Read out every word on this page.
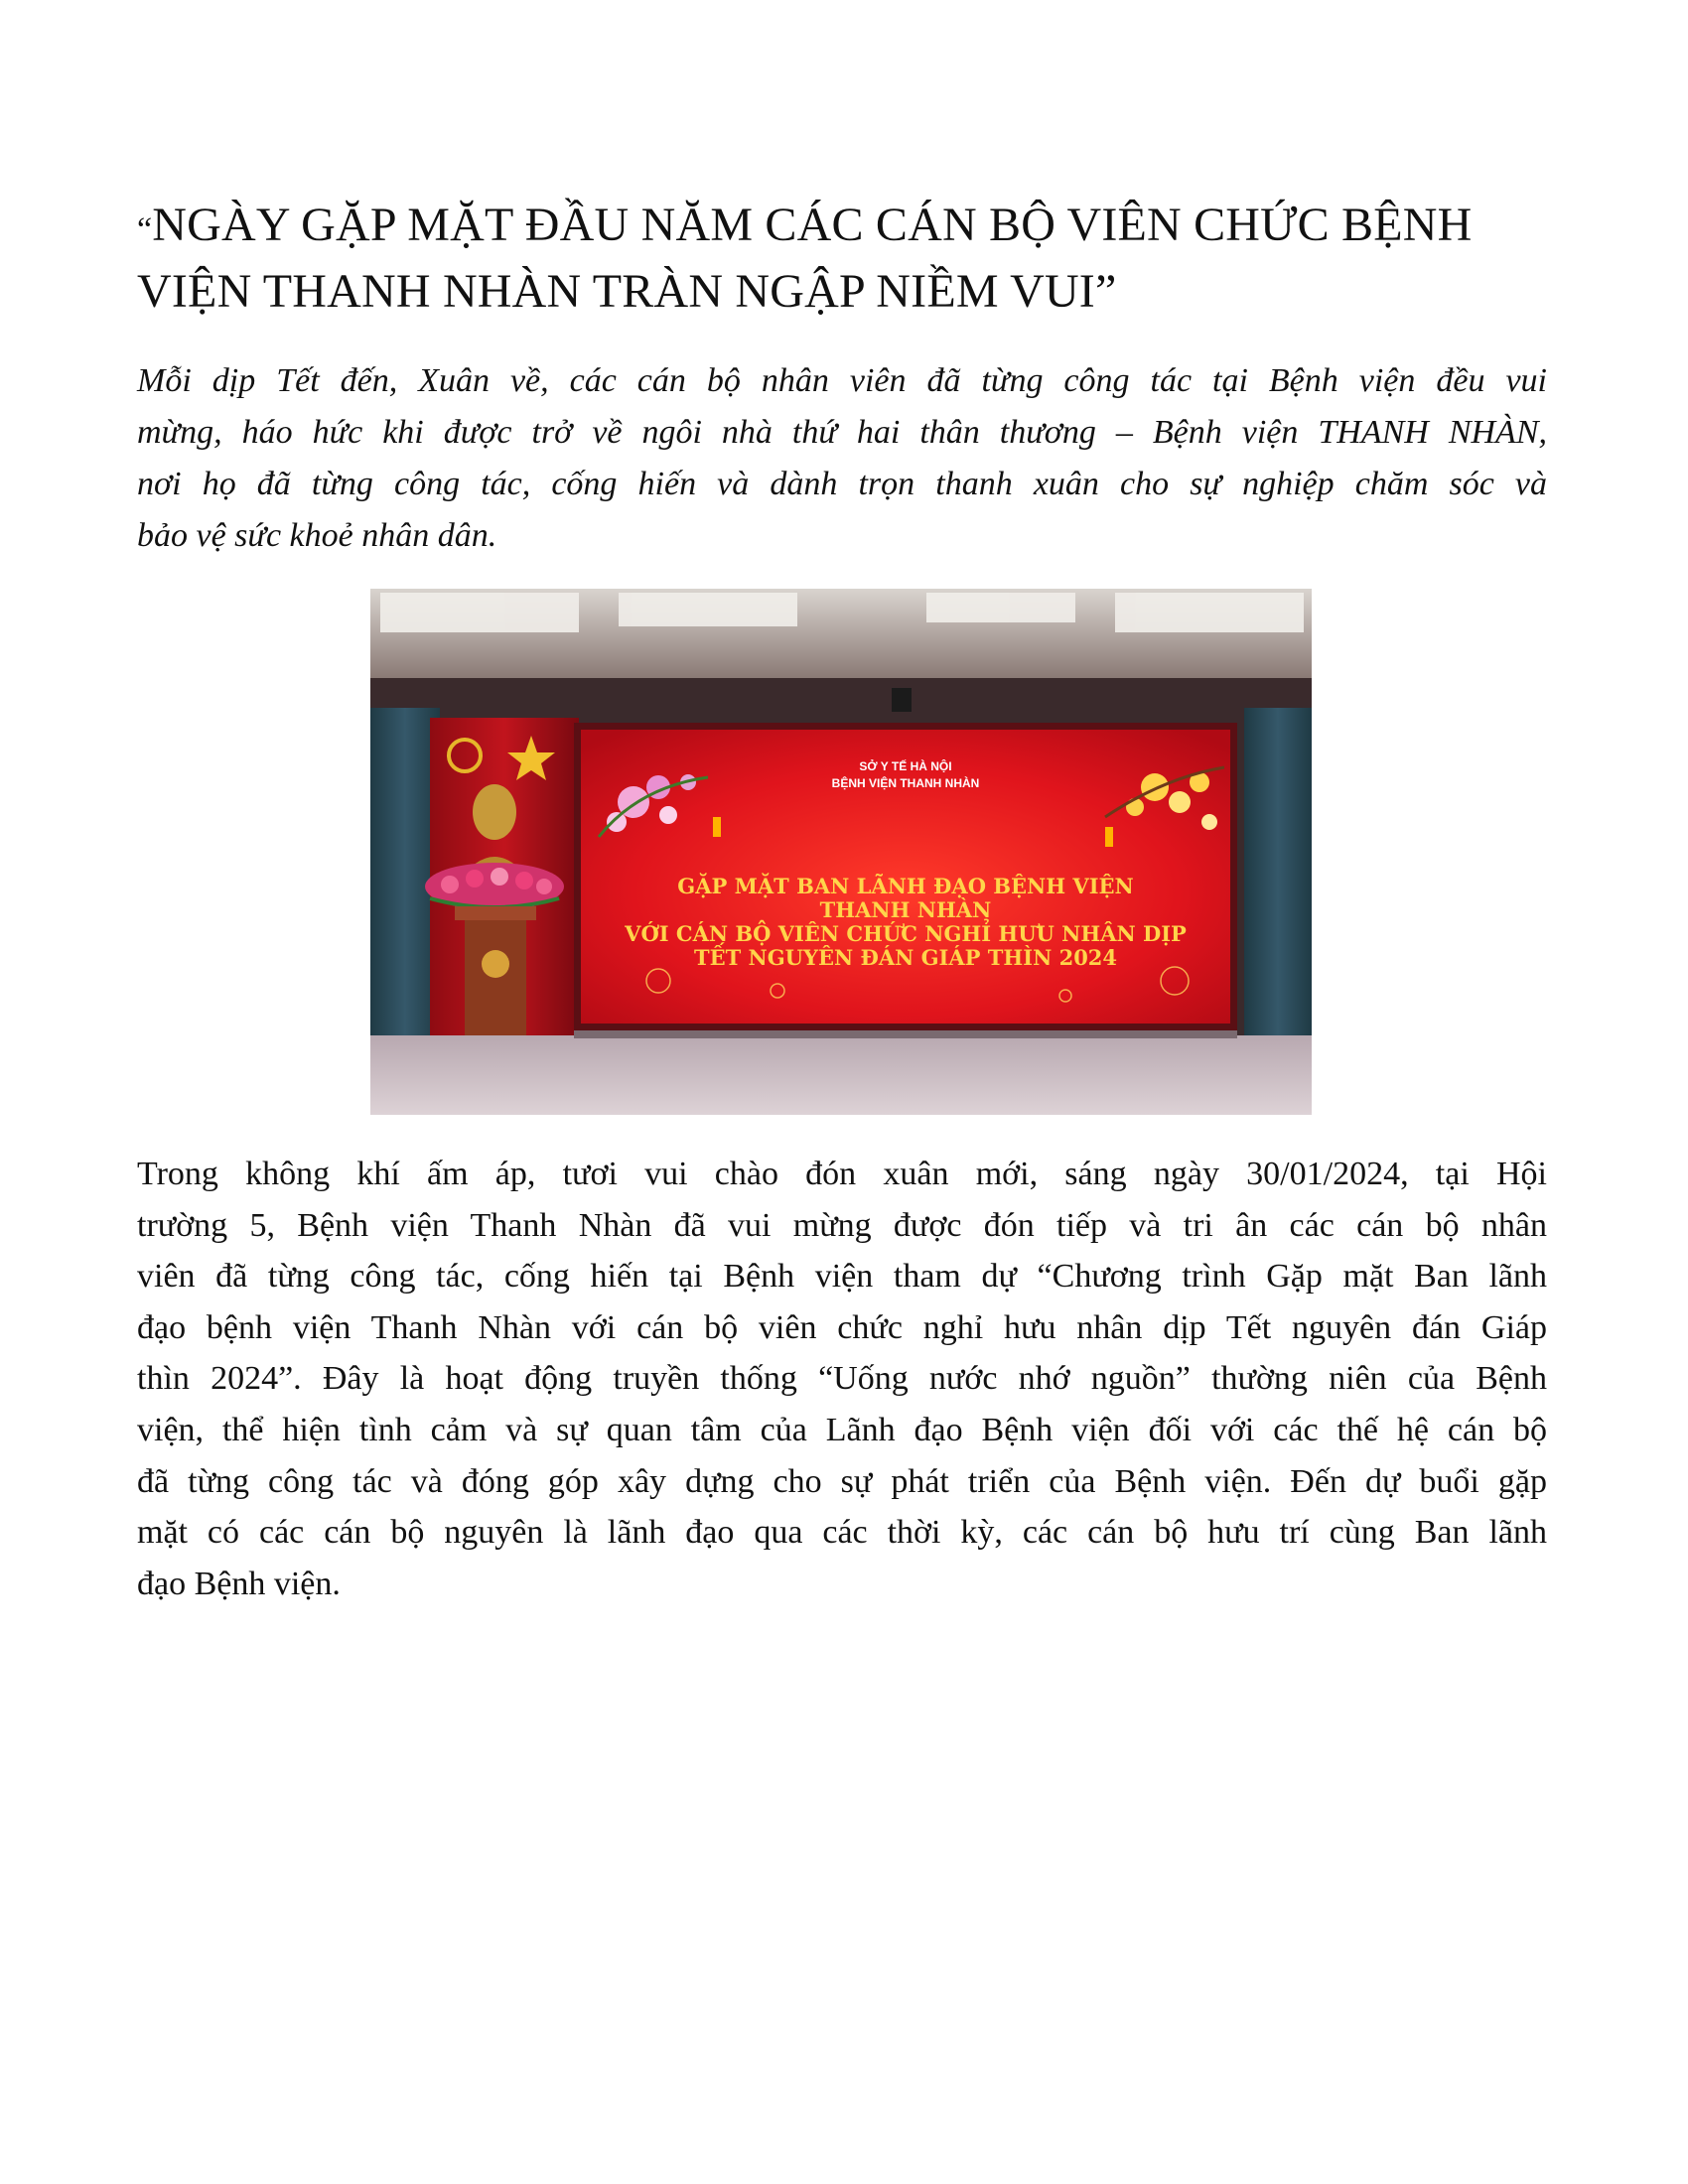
“NGÀY GẶP MẶT ĐẦU NĂM CÁC CÁN BỘ VIÊN CHỨC BỆNH
VIỆN THANH NHÀN TRÀN NGẬP NIỀM VUI”

Mỗi dịp Tết đến, Xuân về, các cán bộ nhân viên đã từng công tác tại Bệnh viện đều vui
mừng, háo hức khi được trở về ngôi nhà thứ hai thân thương – Bệnh viện THANH NHÀN,
nơi họ đã từng công tác, cống hiến và dành trọn thanh xuân cho sự nghiệp chăm sóc và
bảo vệ sức khoẻ nhân dân.

SỞ Y TẾ HÀ NỘI
BỆNH VIỆN THANH NHÀN
GẶP MẶT BAN LÃNH ĐẠO BỆNH VIỆN
THANH NHÀN
VỚI CÁN BỘ VIÊN CHỨC NGHỈ HƯU NHÂN DỊP
TẾT NGUYÊN ĐÁN GIÁP THÌN 2024

Trong không khí ấm áp, tươi vui chào đón xuân mới, sáng ngày 30/01/2024, tại Hội
trường 5, Bệnh viện Thanh Nhàn đã vui mừng được đón tiếp và tri ân các cán bộ nhân
viên đã từng công tác, cống hiến tại Bệnh viện tham dự “Chương trình Gặp mặt Ban lãnh
đạo bệnh viện Thanh Nhàn với cán bộ viên chức nghỉ hưu nhân dịp Tết nguyên đán Giáp
thìn 2024”. Đây là hoạt động truyền thống “Uống nước nhớ nguồn” thường niên của Bệnh
viện, thể hiện tình cảm và sự quan tâm của Lãnh đạo Bệnh viện đối với các thế hệ cán bộ
đã từng công tác và đóng góp xây dựng cho sự phát triển của Bệnh viện. Đến dự buổi gặp
mặt có các cán bộ nguyên là lãnh đạo qua các thời kỳ, các cán bộ hưu trí cùng Ban lãnh
đạo Bệnh viện.
